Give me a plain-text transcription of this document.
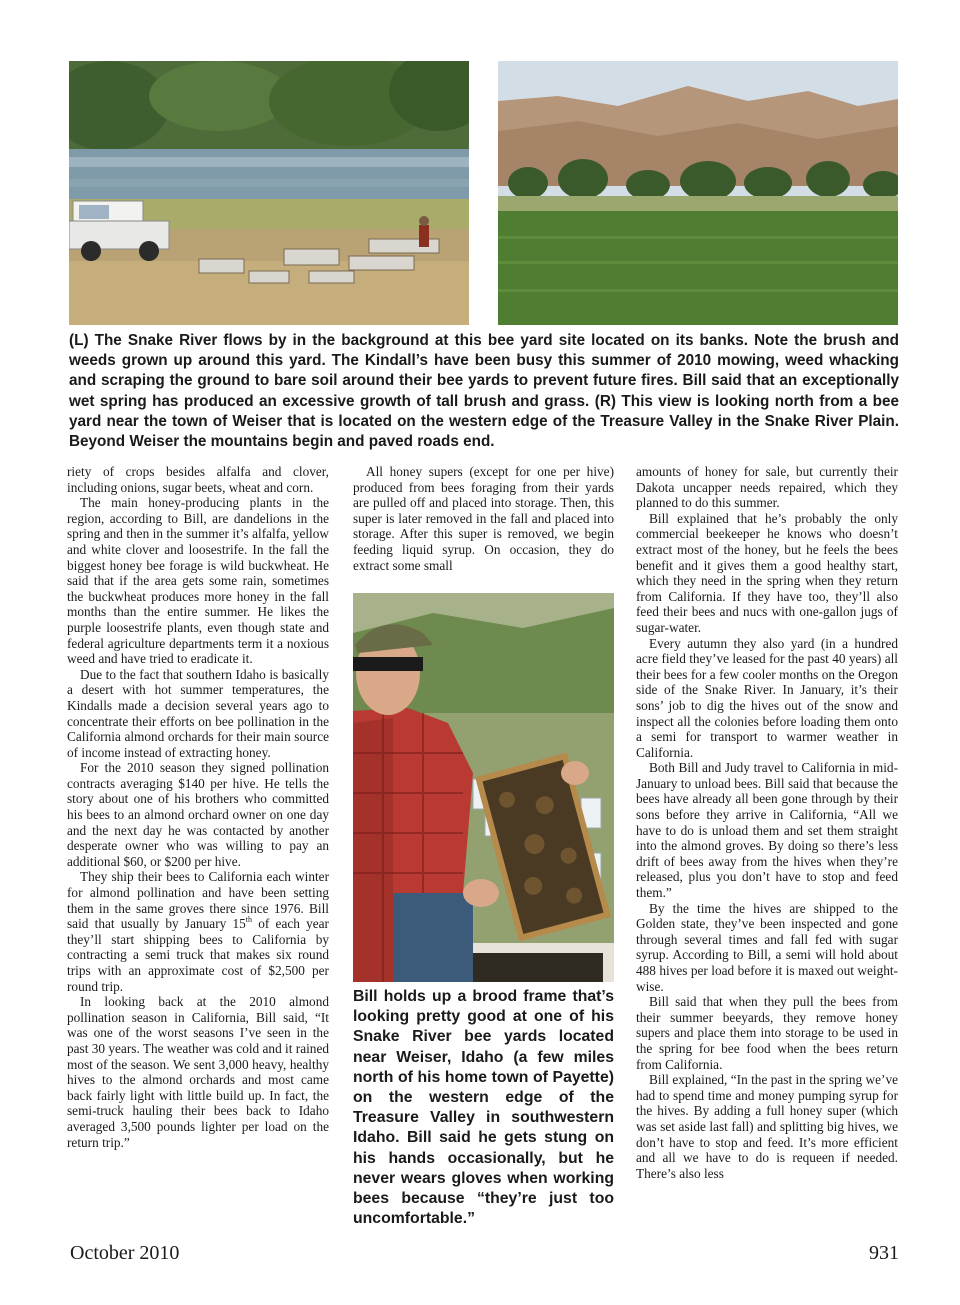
(L) The Snake River flows by in the background at this bee yard site located on its banks. Note the brush and weeds grown up around this yard. The Kindall’s have been busy this summer of 2010 mowing, weed whacking and scraping the ground to bare soil around their bee yards to prevent future fires. Bill said that an exceptionally wet spring has produced an excessive growth of tall brush and grass. (R) This view is looking north from a bee yard near the town of Weiser that is located on the western edge of the Treasure Valley in the Snake River Plain. Beyond Weiser the mountains begin and paved roads end.

riety of crops besides alfalfa and clover, including onions, sugar beets, wheat and corn.

The main honey-producing plants in the region, according to Bill, are dandelions in the spring and then in the summer it’s alfalfa, yellow and white clover and loosestrife. In the fall the biggest honey bee forage is wild buckwheat. He said that if the area gets some rain, sometimes the buckwheat produces more honey in the fall months than the entire summer. He likes the purple loosestrife plants, even though state and federal agriculture departments term it a noxious weed and have tried to eradicate it.

Due to the fact that southern Idaho is basically a desert with hot summer temperatures, the Kindalls made a decision several years ago to concentrate their efforts on bee pollination in the California almond orchards for their main source of income instead of extracting honey.

For the 2010 season they signed pollination contracts averaging $140 per hive. He tells the story about one of his brothers who committed his bees to an almond orchard owner on one day and the next day he was contacted by another desperate owner who was willing to pay an additional $60, or $200 per hive.

They ship their bees to California each winter for almond pollination and have been setting them in the same groves there since 1976. Bill said that usually by January 15th of each year they’ll start shipping bees to California by contracting a semi truck that makes six round trips with an approximate cost of $2,500 per round trip.

In looking back at the 2010 almond pollination season in California, Bill said, “It was one of the worst seasons I’ve seen in the past 30 years. The weather was cold and it rained most of the season. We sent 3,000 heavy, healthy hives to the almond orchards and most came back fairly light with little build up. In fact, the semi-truck hauling their bees back to Idaho averaged 3,500 pounds lighter per load on the return trip.”

All honey supers (except for one per hive) produced from bees foraging from their yards are pulled off and placed into storage. Then, this super is later removed in the fall and placed into storage. After this super is removed, we begin feeding liquid syrup. On occasion, they do extract some small

Bill holds up a brood frame that’s looking pretty good at one of his Snake River bee yards located near Weiser, Idaho (a few miles north of his home town of Payette) on the western edge of the Treasure Valley in southwestern Idaho. Bill said he gets stung on his hands occasionally, but he never wears gloves when working bees because “they’re just too uncomfortable.”

amounts of honey for sale, but currently their Dakota uncapper needs repaired, which they planned to do this summer.

Bill explained that he’s probably the only commercial beekeeper he knows who doesn’t extract most of the honey, but he feels the bees benefit and it gives them a good healthy start, which they need in the spring when they return from California. If they have too, they’ll also feed their bees and nucs with one-gallon jugs of sugar-water.

Every autumn they also yard (in a hundred acre field they’ve leased for the past 40 years) all their bees for a few cooler months on the Oregon side of the Snake River. In January, it’s their sons’ job to dig the hives out of the snow and inspect all the colonies before loading them onto a semi for transport to warmer weather in California.

Both Bill and Judy travel to California in mid-January to unload bees. Bill said that because the bees have already all been gone through by their sons before they arrive in California, “All we have to do is unload them and set them straight into the almond groves. By doing so there’s less drift of bees away from the hives when they’re released, plus you don’t have to stop and feed them.”

By the time the hives are shipped to the Golden state, they’ve been inspected and gone through several times and fall fed with sugar syrup. According to Bill, a semi will hold about 488 hives per load before it is maxed out weight-wise.

Bill said that when they pull the bees from their summer beeyards, they remove honey supers and place them into storage to be used in the spring for bee food when the bees return from California.

Bill explained, “In the past in the spring we’ve had to spend time and money pumping syrup for the hives. By adding a full honey super (which was set aside last fall) and splitting big hives, we don’t have to stop and feed. It’s more efficient and all we have to do is requeen if needed. There’s also less

October 2010	931
